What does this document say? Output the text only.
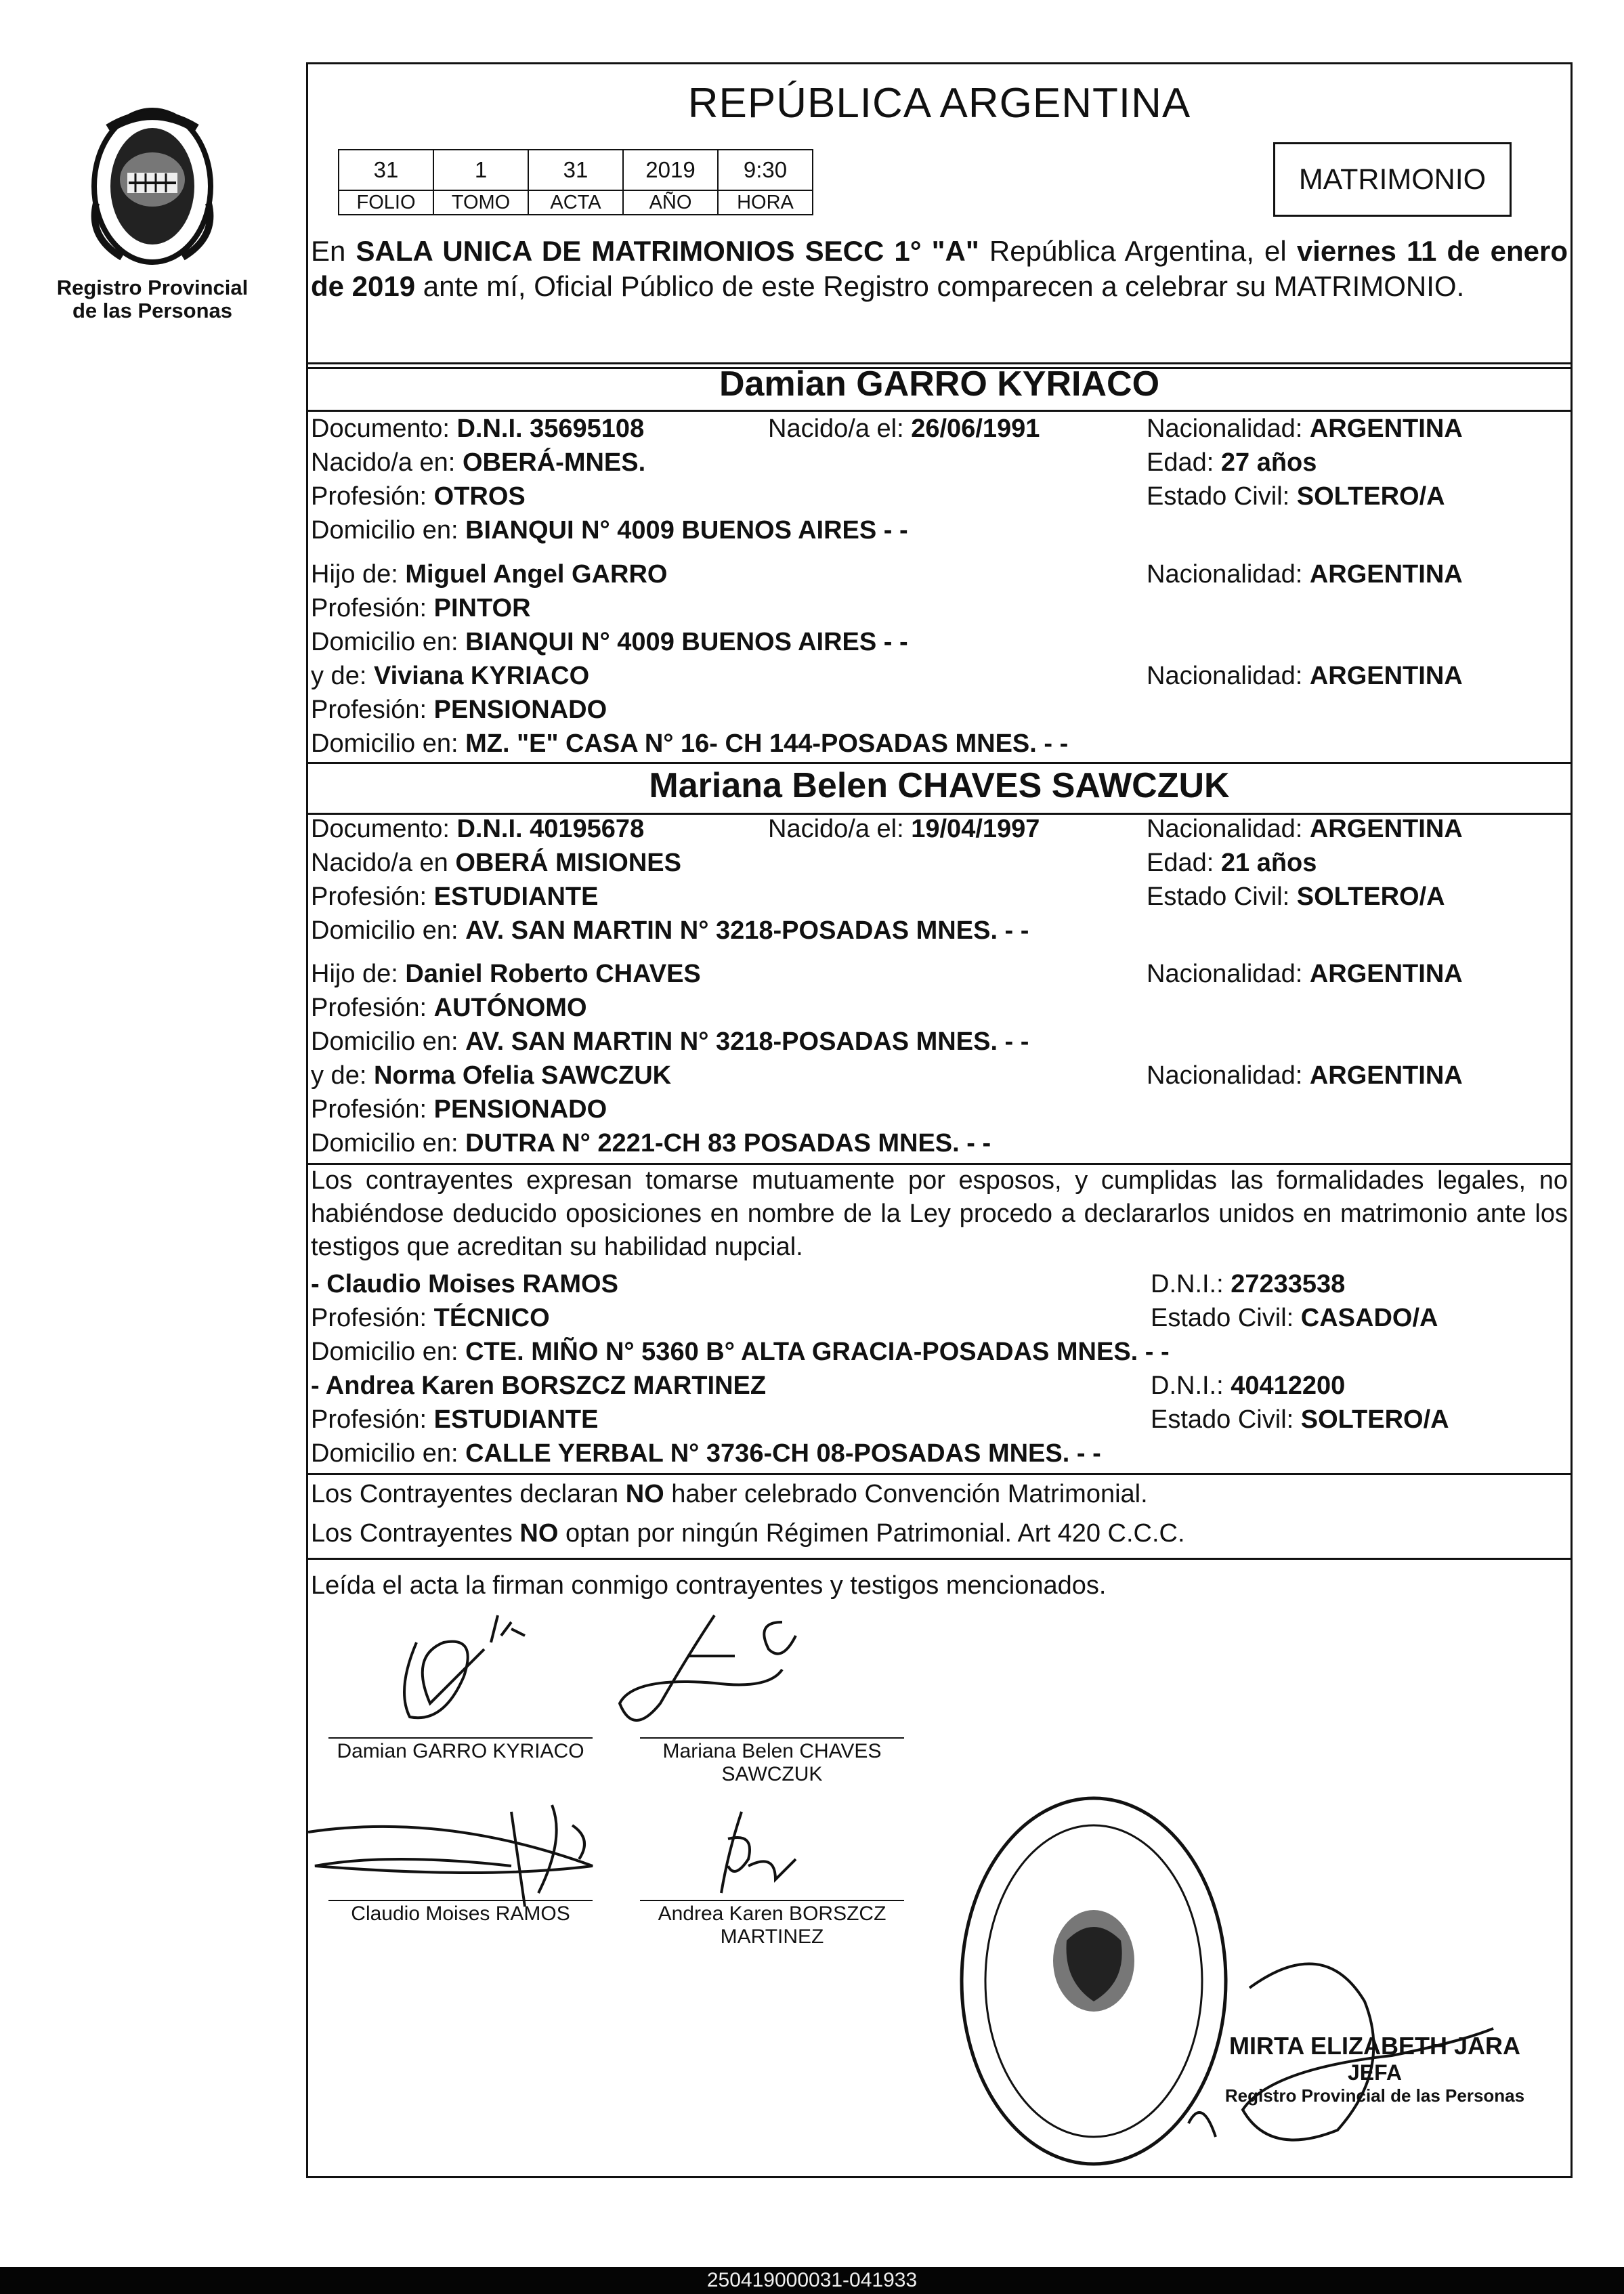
Registro Provincial
de las Personas
REPÚBLICA ARGENTINA
31	1	31	2019	9:30
FOLIO	TOMO	ACTA	AÑO	HORA
MATRIMONIO
En SALA UNICA DE MATRIMONIOS SECC 1° "A" República Argentina, el viernes 11 de enero de 2019 ante mí, Oficial Público de este Registro comparecen a celebrar su MATRIMONIO.
Damian GARRO KYRIACO
Documento: D.N.I. 35695108	Nacido/a el: 26/06/1991	Nacionalidad: ARGENTINA
Nacido/a en: OBERÁ-MNES.	Edad: 27 años
Profesión: OTROS	Estado Civil: SOLTERO/A
Domicilio en: BIANQUI N° 4009 BUENOS AIRES - -
Hijo de: Miguel Angel GARRO	Nacionalidad: ARGENTINA
Profesión: PINTOR
Domicilio en: BIANQUI N° 4009 BUENOS AIRES - -
y de: Viviana KYRIACO	Nacionalidad: ARGENTINA
Profesión: PENSIONADO
Domicilio en: MZ. "E" CASA N° 16- CH 144-POSADAS MNES. - -
Mariana Belen CHAVES SAWCZUK
Documento: D.N.I. 40195678	Nacido/a el: 19/04/1997	Nacionalidad: ARGENTINA
Nacido/a en OBERÁ MISIONES	Edad: 21 años
Profesión: ESTUDIANTE	Estado Civil: SOLTERO/A
Domicilio en: AV. SAN MARTIN N° 3218-POSADAS MNES. - -
Hijo de: Daniel Roberto CHAVES	Nacionalidad: ARGENTINA
Profesión: AUTÓNOMO
Domicilio en: AV. SAN MARTIN N° 3218-POSADAS MNES. - -
y de: Norma Ofelia SAWCZUK	Nacionalidad: ARGENTINA
Profesión: PENSIONADO
Domicilio en: DUTRA N° 2221-CH 83 POSADAS MNES. - -
Los contrayentes expresan tomarse mutuamente por esposos, y cumplidas las formalidades legales, no habiéndose deducido oposiciones en nombre de la Ley procedo a declararlos unidos en matrimonio ante los testigos que acreditan su habilidad nupcial.
- Claudio Moises RAMOS	D.N.I.: 27233538
Profesión: TÉCNICO	Estado Civil: CASADO/A
Domicilio en: CTE. MIÑO N° 5360 B° ALTA GRACIA-POSADAS MNES. - -
- Andrea Karen BORSZCZ MARTINEZ	D.N.I.: 40412200
Profesión: ESTUDIANTE	Estado Civil: SOLTERO/A
Domicilio en: CALLE YERBAL N° 3736-CH 08-POSADAS MNES. - -
Los Contrayentes declaran NO haber celebrado Convención Matrimonial.
Los Contrayentes NO optan por ningún Régimen Patrimonial. Art 420 C.C.C.
Leída el acta la firman conmigo contrayentes y testigos mencionados.
Damian GARRO KYRIACO	Mariana Belen CHAVES
SAWCZUK
Claudio Moises RAMOS	Andrea Karen BORSZCZ
MARTINEZ
MIRTA ELIZABETH JARA
JEFA
Registro Provincial de las Personas
250419000031-041933
